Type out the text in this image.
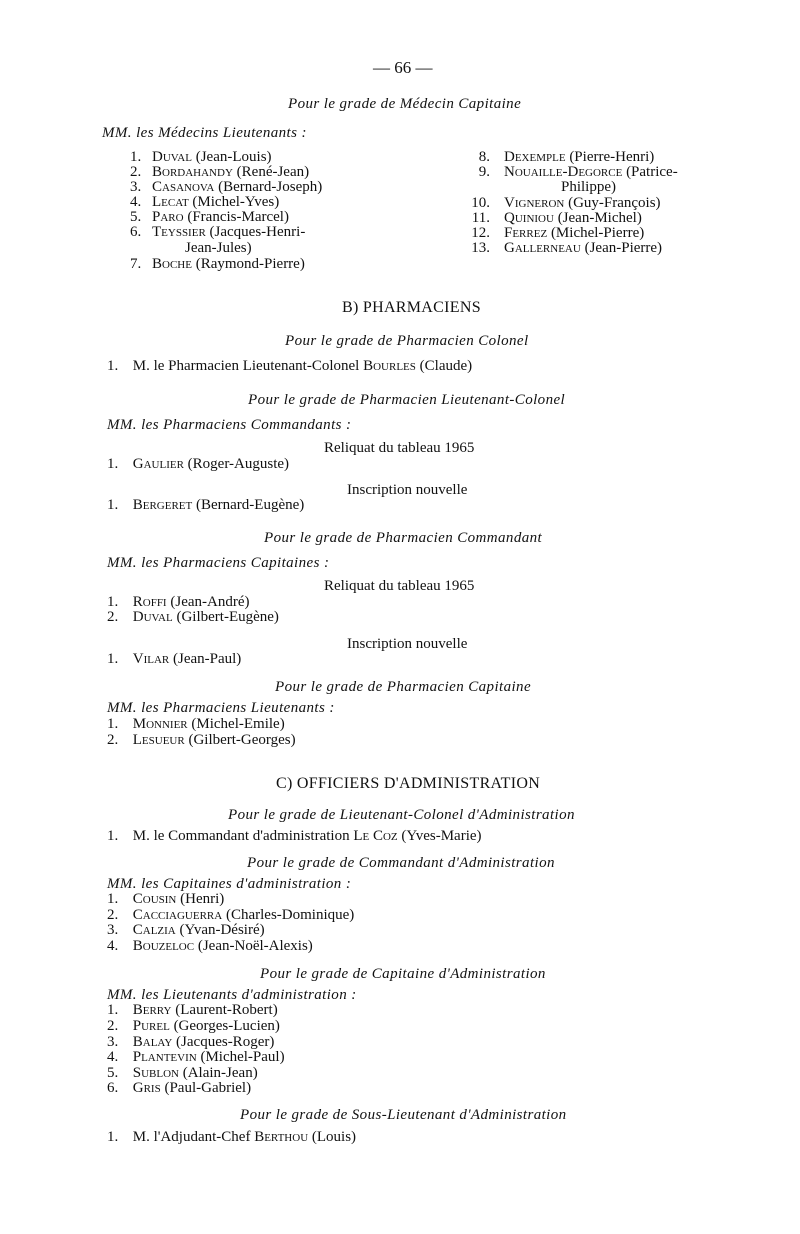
— 66 —
Pour le grade de Médecin Capitaine
MM. les Médecins Lieutenants :
1. Duval (Jean-Louis)
2. Bordahandy (René-Jean)
3. Casanova (Bernard-Joseph)
4. Lecat (Michel-Yves)
5. Paro (Francis-Marcel)
6. Teyssier (Jacques-Henri-
Jean-Jules)
7. Boche (Raymond-Pierre)
8. Dexemple (Pierre-Henri)
9. Nouaille-Degorce (Patrice-
Philippe)
10. Vigneron (Guy-François)
11. Quiniou (Jean-Michel)
12. Ferrez (Michel-Pierre)
13. Gallerneau (Jean-Pierre)
B) PHARMACIENS
Pour le grade de Pharmacien Colonel
1. M. le Pharmacien Lieutenant-Colonel Bourles (Claude)
Pour le grade de Pharmacien Lieutenant-Colonel
MM. les Pharmaciens Commandants :
Reliquat du tableau 1965
1. Gaulier (Roger-Auguste)
Inscription nouvelle
1. Bergeret (Bernard-Eugène)
Pour le grade de Pharmacien Commandant
MM. les Pharmaciens Capitaines :
Reliquat du tableau 1965
1. Roffi (Jean-André)
2. Duval (Gilbert-Eugène)
Inscription nouvelle
1. Vilar (Jean-Paul)
Pour le grade de Pharmacien Capitaine
MM. les Pharmaciens Lieutenants :
1. Monnier (Michel-Emile)
2. Lesueur (Gilbert-Georges)
C) OFFICIERS D'ADMINISTRATION
Pour le grade de Lieutenant-Colonel d'Administration
1. M. le Commandant d'administration Le Coz (Yves-Marie)
Pour le grade de Commandant d'Administration
MM. les Capitaines d'administration :
1. Cousin (Henri)
2. Cacciaguerra (Charles-Dominique)
3. Calzia (Yvan-Désiré)
4. Bouzeloc (Jean-Noël-Alexis)
Pour le grade de Capitaine d'Administration
MM. les Lieutenants d'administration :
1. Berry (Laurent-Robert)
2. Purel (Georges-Lucien)
3. Balay (Jacques-Roger)
4. Plantevin (Michel-Paul)
5. Sublon (Alain-Jean)
6. Gris (Paul-Gabriel)
Pour le grade de Sous-Lieutenant d'Administration
1. M. l'Adjudant-Chef Berthou (Louis)
